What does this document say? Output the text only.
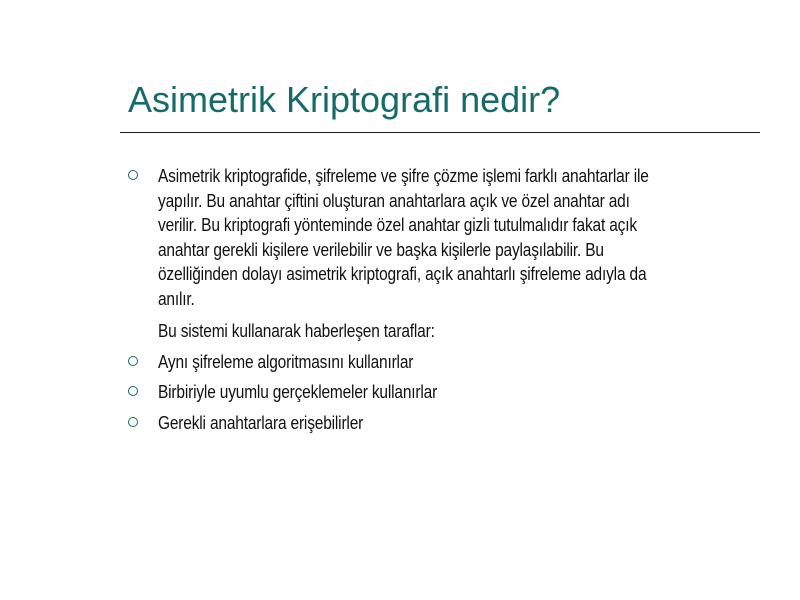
Asimetrik Kriptografi nedir?
Asimetrik kriptografide, şifreleme ve şifre çözme işlemi farklı anahtarlar ile yapılır. Bu anahtar çiftini oluşturan anahtarlara açık ve özel anahtar adı verilir. Bu kriptografi yönteminde özel anahtar gizli tutulmalıdır fakat açık anahtar gerekli kişilere verilebilir ve başka kişilerle paylaşılabilir. Bu özelliğinden dolayı asimetrik kriptografi, açık anahtarlı şifreleme adıyla da anılır.
Bu sistemi kullanarak haberleşen taraflar:
Aynı şifreleme algoritmasını kullanırlar
Birbiriyle uyumlu gerçeklemeler kullanırlar
Gerekli anahtarlara erişebilirler
